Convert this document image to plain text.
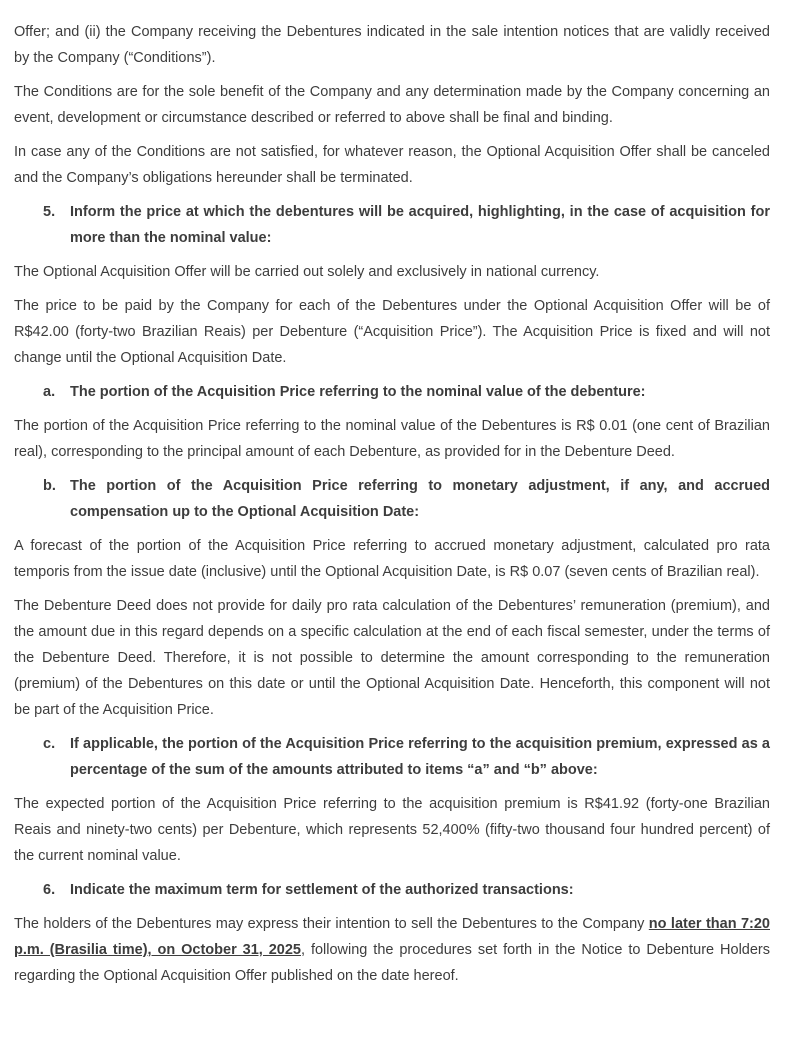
Offer; and (ii) the Company receiving the Debentures indicated in the sale intention notices that are validly received by the Company (“Conditions”).

The Conditions are for the sole benefit of the Company and any determination made by the Company concerning an event, development or circumstance described or referred to above shall be final and binding.

In case any of the Conditions are not satisfied, for whatever reason, the Optional Acquisition Offer shall be canceled and the Company’s obligations hereunder shall be terminated.

5.	Inform the price at which the debentures will be acquired, highlighting, in the case of acquisition for more than the nominal value:

The Optional Acquisition Offer will be carried out solely and exclusively in national currency.

The price to be paid by the Company for each of the Debentures under the Optional Acquisition Offer will be of R$42.00 (forty-two Brazilian Reais) per Debenture (“Acquisition Price”). The Acquisition Price is fixed and will not change until the Optional Acquisition Date.

a.	The portion of the Acquisition Price referring to the nominal value of the debenture:

The portion of the Acquisition Price referring to the nominal value of the Debentures is R$ 0.01 (one cent of Brazilian real), corresponding to the principal amount of each Debenture, as provided for in the Debenture Deed.

b. The portion of the Acquisition Price referring to monetary adjustment, if any, and accrued compensation up to the Optional Acquisition Date:

A forecast of the portion of the Acquisition Price referring to accrued monetary adjustment, calculated pro rata temporis from the issue date (inclusive) until the Optional Acquisition Date, is R$ 0.07 (seven cents of Brazilian real).

The Debenture Deed does not provide for daily pro rata calculation of the Debentures’ remuneration (premium), and the amount due in this regard depends on a specific calculation at the end of each fiscal semester, under the terms of the Debenture Deed. Therefore, it is not possible to determine the amount corresponding to the remuneration (premium) of the Debentures on this date or until the Optional Acquisition Date. Henceforth, this component will not be part of the Acquisition Price.

c.	If applicable, the portion of the Acquisition Price referring to the acquisition premium, expressed as a percentage of the sum of the amounts attributed to items “a” and “b” above:

The expected portion of the Acquisition Price referring to the acquisition premium is R$41.92 (forty-one Brazilian Reais and ninety-two cents) per Debenture, which represents 52,400% (fifty-two thousand four hundred percent) of the current nominal value.

6.	Indicate the maximum term for settlement of the authorized transactions:

The holders of the Debentures may express their intention to sell the Debentures to the Company no later than 7:20 p.m. (Brasilia time), on October 31, 2025, following the procedures set forth in the Notice to Debenture Holders regarding the Optional Acquisition Offer published on the date hereof.
